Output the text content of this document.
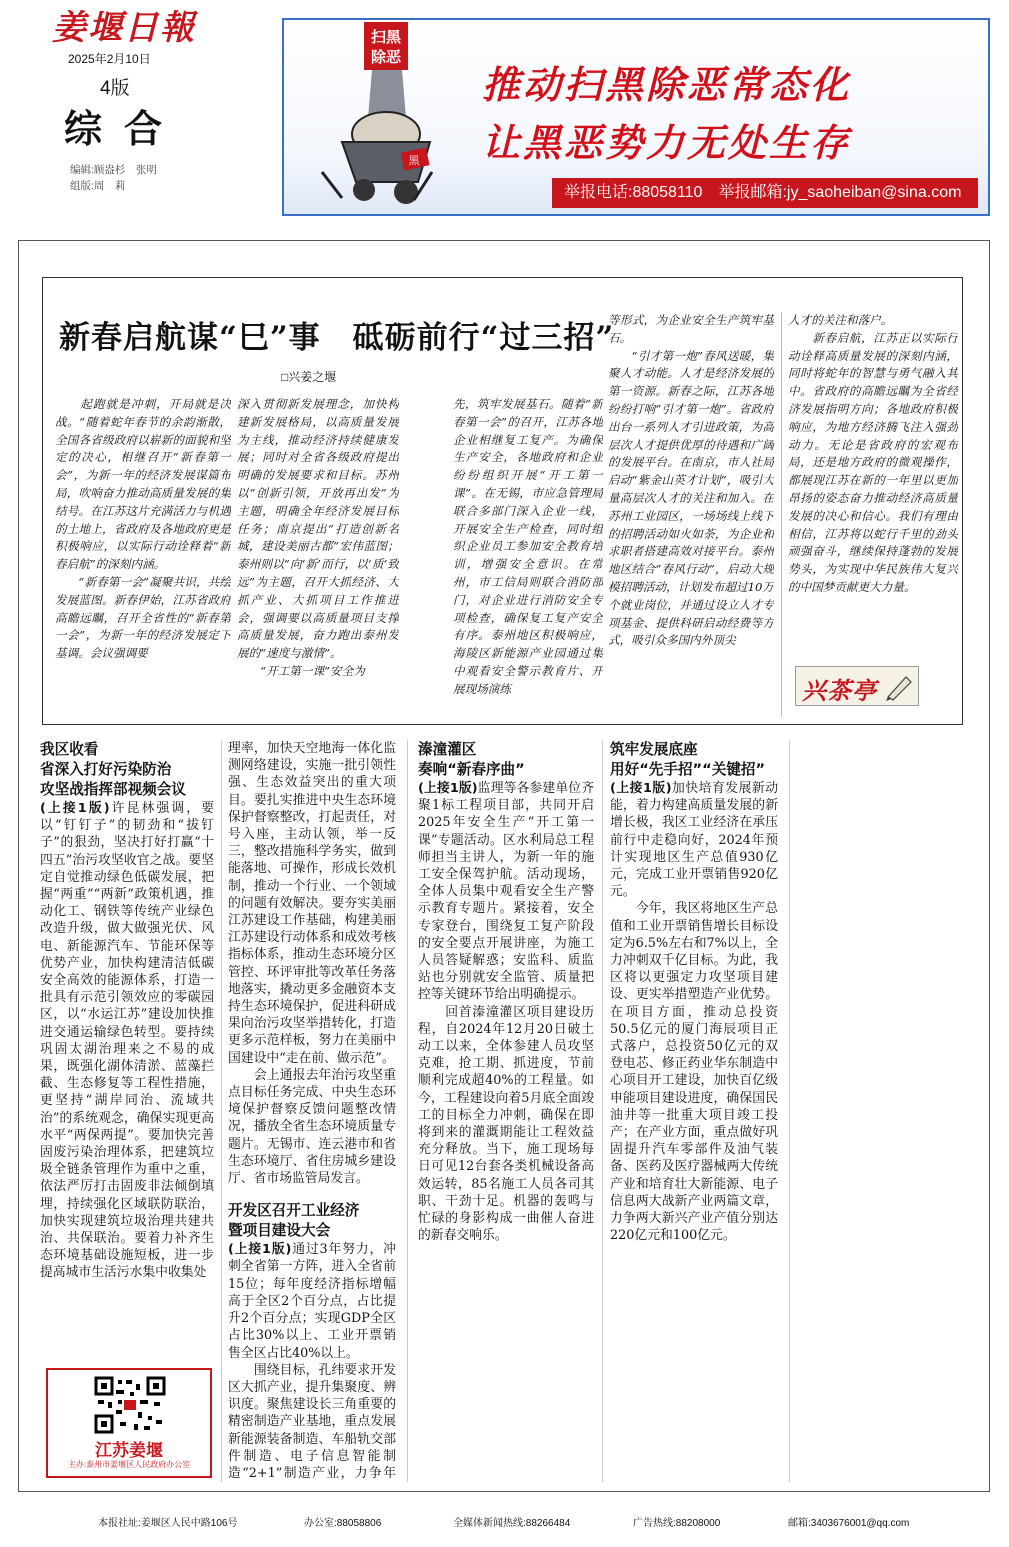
姜堰日報
2025年2月10日
4版
综合
编辑:顾盎杉　张明
组版:周　莉
扫黑
除恶
黑
推动扫黑除恶常态化
让黑恶势力无处生存
举报电话:88058110　举报邮箱:jy_saoheiban@sina.com
新春启航谋“巳”事　砥砺前行“过三招”
□兴姜之堰
　　起跑就是冲刺，开局就是决战。“随着蛇年春节的余韵渐散，全国各省级政府以崭新的面貌和坚定的决心，相继召开“新春第一会”，为新一年的经济发展谋篇布局，吹响奋力推动高质量发展的集结号。在江苏这片充满活力与机遇的土地上，省政府及各地政府更是积极响应，以实际行动诠释着“新春启航”的深刻内涵。
　　“新春第一会”凝聚共识，共绘发展蓝图。新春伊始，江苏省政府高瞻远瞩，召开全省性的“新春第一会”，为新一年的经济发展定下基调。会议强调要
深入贯彻新发展理念，加快构建新发展格局，以高质量发展为主线，推动经济持续健康发展；同时对全省各级政府提出明确的发展要求和目标。苏州以“创新引领，开放再出发”为主题，明确全年经济发展目标任务；南京提出“打造创新名城，建设美丽古都”宏伟蓝图；泰州则以“向‘新’而行，以‘质’致远”为主题，召开大抓经济、大抓产业、大抓项目工作推进会，强调要以高质量项目支撑高质量发展，奋力跑出泰州发展的“速度与激情”。
　　“开工第一课”安全为
先，筑牢发展基石。随着“新春第一会”的召开，江苏各地企业相继复工复产。为确保生产安全，各地政府和企业纷纷组织开展“开工第一课”。在无锡，市应急管理局联合多部门深入企业一线，开展安全生产检查，同时组织企业员工参加安全教育培训，增强安全意识。在常州，市工信局则联合消防部门，对企业进行消防安全专项检查，确保复工复产安全有序。泰州地区积极响应，海陵区新能源产业园通过集中观看安全警示教育片、开展现场演练
等形式，为企业安全生产筑牢基石。
　　“引才第一炮”春风送暖，集聚人才动能。人才是经济发展的第一资源。新春之际，江苏各地纷纷打响“引才第一炮”。省政府出台一系列人才引进政策，为高层次人才提供优厚的待遇和广阔的发展平台。在南京，市人社局启动“紫金山英才计划”，吸引大量高层次人才的关注和加入。在苏州工业园区，一场场线上线下的招聘活动如火如荼，为企业和求职者搭建高效对接平台。泰州地区结合“春风行动”，启动大规模招聘活动，计划发布超过10万个就业岗位，并通过设立人才专项基金、提供科研启动经费等方式，吸引众多国内外顶尖
人才的关注和落户。
　　新春启航，江苏正以实际行动诠释高质量发展的深刻内涵，同时将蛇年的智慧与勇气融入其中。省政府的高瞻远瞩为全省经济发展指明方向；各地政府积极响应，为地方经济腾飞注入强劲动力。无论是省政府的宏观布局，还是地方政府的微观操作，都展现江苏在新的一年里以更加昂扬的姿态奋力推动经济高质量发展的决心和信心。我们有理由相信，江苏将以蛇行千里的劲头顽强奋斗，继续保持蓬勃的发展势头，为实现中华民族伟大复兴的中国梦贡献更大力量。
兴茶亭
我区收看
省深入打好污染防治
攻坚战指挥部视频会议

(上接1版)许昆林强调，要以“钉钉子”的韧劲和“拔钉子”的狠劲，坚决打好打赢“十四五”治污攻坚收官之战。要坚定自觉推动绿色低碳发展，把握“两重”“两新”政策机遇，推动化工、钢铁等传统产业绿色改造升级，做大做强光伏、风电、新能源汽车、节能环保等优势产业，加快构建清洁低碳安全高效的能源体系，打造一批具有示范引领效应的零碳园区，以“水运江苏”建设加快推进交通运输绿色转型。要持续巩固太湖治理来之不易的成果，既强化湖体清淤、蓝藻拦截、生态修复等工程性措施，更坚持“湖岸同治、流域共治”的系统观念，确保实现更高水平“两保两提”。要加快完善固废污染治理体系，把建筑垃圾全链条管理作为重中之重，依法严厉打击固废非法倾倒填埋，持续强化区域联防联治，加快实现建筑垃圾治理共建共治、共保联治。要着力补齐生态环境基础设施短板，进一步提高城市生活污水集中收集处

理率，加快天空地海一体化监测网络建设，实施一批引领性强、生态效益突出的重大项目。要扎实推进中央生态环境保护督察整改，打起责任，对号入座，主动认领，举一反三，整改措施科学务实，做到能落地、可操作，形成长效机制，推动一个行业、一个领域的问题有效解决。要夯实美丽江苏建设工作基础，构建美丽江苏建设行动体系和成效考核指标体系，推动生态环境分区管控、环评审批等改革任务落地落实，撬动更多金融资本支持生态环境保护，促进科研成果向治污攻坚举措转化，打造更多示范样板，努力在美丽中国建设中“走在前、做示范”。
　　会上通报去年治污攻坚重点目标任务完成、中央生态环境保护督察反馈问题整改情况，播放全省生态环境质量专题片。无锡市、连云港市和省生态环境厅、省住房城乡建设厅、省市场监管局发言。

开发区召开工业经济
暨项目建设大会

(上接1版)通过3年努力，冲刺全省第一方阵，进入全省前15位；每年度经济指标增幅高于全区2个百分点，占比提升2个百分点；实现GDP全区占比30%以上、工业开票销售全区占比40%以上。
　　围绕目标，孔纬要求开发区大抓产业，提升集聚度、辨识度。聚焦建设长三角重要的精密制造产业基地，重点发展新能源装备制造、车船轨交部件制造、电子信息智能制造“2+1”制造产业，力争年

溱潼灌区
奏响“新春序曲”

(上接1版)监理等各参建单位齐聚1标工程项目部，共同开启2025年安全生产“开工第一课”专题活动。区水利局总工程师担当主讲人，为新一年的施工安全保驾护航。活动现场，全体人员集中观看安全生产警示教育专题片。紧接着，安全专家登台，围绕复工复产阶段的安全要点开展讲座，为施工人员答疑解惑；安监科、质监站也分别就安全监管、质量把控等关键环节给出明确提示。
　　回首溱潼灌区项目建设历程，自2024年12月20日破土动工以来，全体参建人员攻坚克难，抢工期、抓进度，节前顺利完成超40%的工程量。如今，工程建设向着5月底全面竣工的目标全力冲刺，确保在即将到来的灌溉期能让工程效益充分释放。当下，施工现场每日可见12台套各类机械设备高效运转，85名施工人员各司其职、干劲十足。机器的轰鸣与忙碌的身影构成一曲催人奋进的新春交响乐。

筑牢发展底座
用好“先手招”“关键招”

(上接1版)加快培育发展新动能，着力构建高质量发展的新增长极，我区工业经济在承压前行中走稳向好，2024年预计实现地区生产总值930亿元，完成工业开票销售920亿元。
　　今年，我区将地区生产总值和工业开票销售增长目标设定为6.5%左右和7%以上，全力冲刺双千亿目标。为此，我区将以更强定力攻坚项目建设、更实举措塑造产业优势。在项目方面，推动总投资50.5亿元的厦门海辰项目正式落户，总投资50亿元的双登电芯、修正药业华东制造中心项目开工建设，加快百亿级申能项目建设进度，确保国民油井等一批重大项目竣工投产；在产业方面，重点做好巩固提升汽车零部件及油气装备、医药及医疗器械两大传统产业和培育壮大新能源、电子信息两大战新产业两篇文章，力争两大新兴产业产值分别达220亿元和100亿元。

江苏姜堰
主办:泰州市姜堰区人民政府办公室
本报社址:姜堰区人民中路106号	办公室:88058806	全媒体新闻热线:88266484	广告热线:88208000	邮箱:3403676001@qq.com
